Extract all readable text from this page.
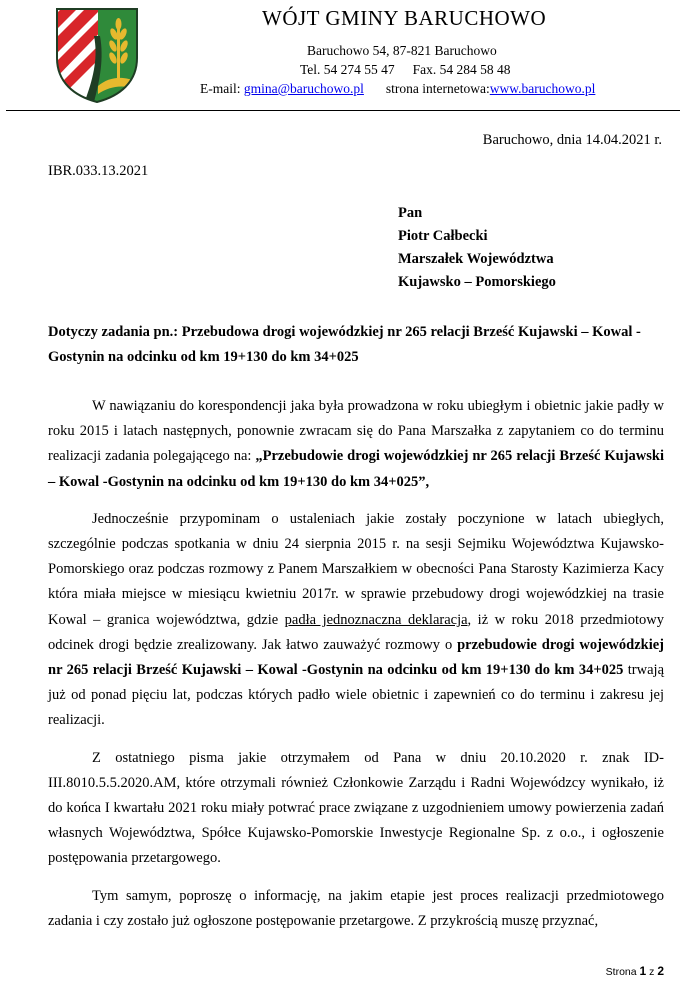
WÓJT GMINY BARUCHOWO
Baruchowo 54, 87-821 Baruchowo
Tel. 54 274 55 47 Fax. 54 284 58 48
E-mail: gmina@baruchowo.pl strona internetowa:www.baruchowo.pl
Baruchowo, dnia 14.04.2021 r.
IBR.033.13.2021
Pan
Piotr Całbecki
Marszałek Województwa
Kujawsko – Pomorskiego
Dotyczy zadania pn.: Przebudowa drogi wojewódzkiej nr 265 relacji Brześć Kujawski – Kowal - Gostynin na odcinku od km 19+130 do km 34+025

W nawiązaniu do korespondencji jaka była prowadzona w roku ubiegłym i obietnic jakie padły w roku 2015 i latach następnych, ponownie zwracam się do Pana Marszałka z zapytaniem co do terminu realizacji zadania polegającego na: „Przebudowie drogi wojewódzkiej nr 265 relacji Brześć Kujawski – Kowal -Gostynin na odcinku od km 19+130 do km 34+025”,

Jednocześnie przypominam o ustaleniach jakie zostały poczynione w latach ubiegłych, szczególnie podczas spotkania w dniu 24 sierpnia 2015 r. na sesji Sejmiku Województwa Kujawsko-Pomorskiego oraz podczas rozmowy z Panem Marszałkiem w obecności Pana Starosty Kazimierza Kacy która miała miejsce w miesiącu kwietniu 2017r. w sprawie przebudowy drogi wojewódzkiej na trasie Kowal – granica województwa, gdzie padła jednoznaczna deklaracja, iż w roku 2018 przedmiotowy odcinek drogi będzie zrealizowany. Jak łatwo zauważyć rozmowy o przebudowie drogi wojewódzkiej nr 265 relacji Brześć Kujawski – Kowal -Gostynin na odcinku od km 19+130 do km 34+025 trwają już od ponad pięciu lat, podczas których padło wiele obietnic i zapewnień co do terminu i zakresu jej realizacji.

Z ostatniego pisma jakie otrzymałem od Pana w dniu 20.10.2020 r. znak ID-III.8010.5.5.2020.AM, które otrzymali również Członkowie Zarządu i Radni Wojewódzcy wynikało, iż do końca I kwartału 2021 roku miały potwrać prace związane z uzgodnieniem umowy powierzenia zadań własnych Województwa, Spółce Kujawsko-Pomorskie Inwestycje Regionalne Sp. z o.o., i ogłoszenie postępowania przetargowego.

Tym samym, poproszę o informację, na jakim etapie jest proces realizacji przedmiotowego zadania i czy zostało już ogłoszone postępowanie przetargowe. Z przykrością muszę przyznać,

Strona 1 z 2
